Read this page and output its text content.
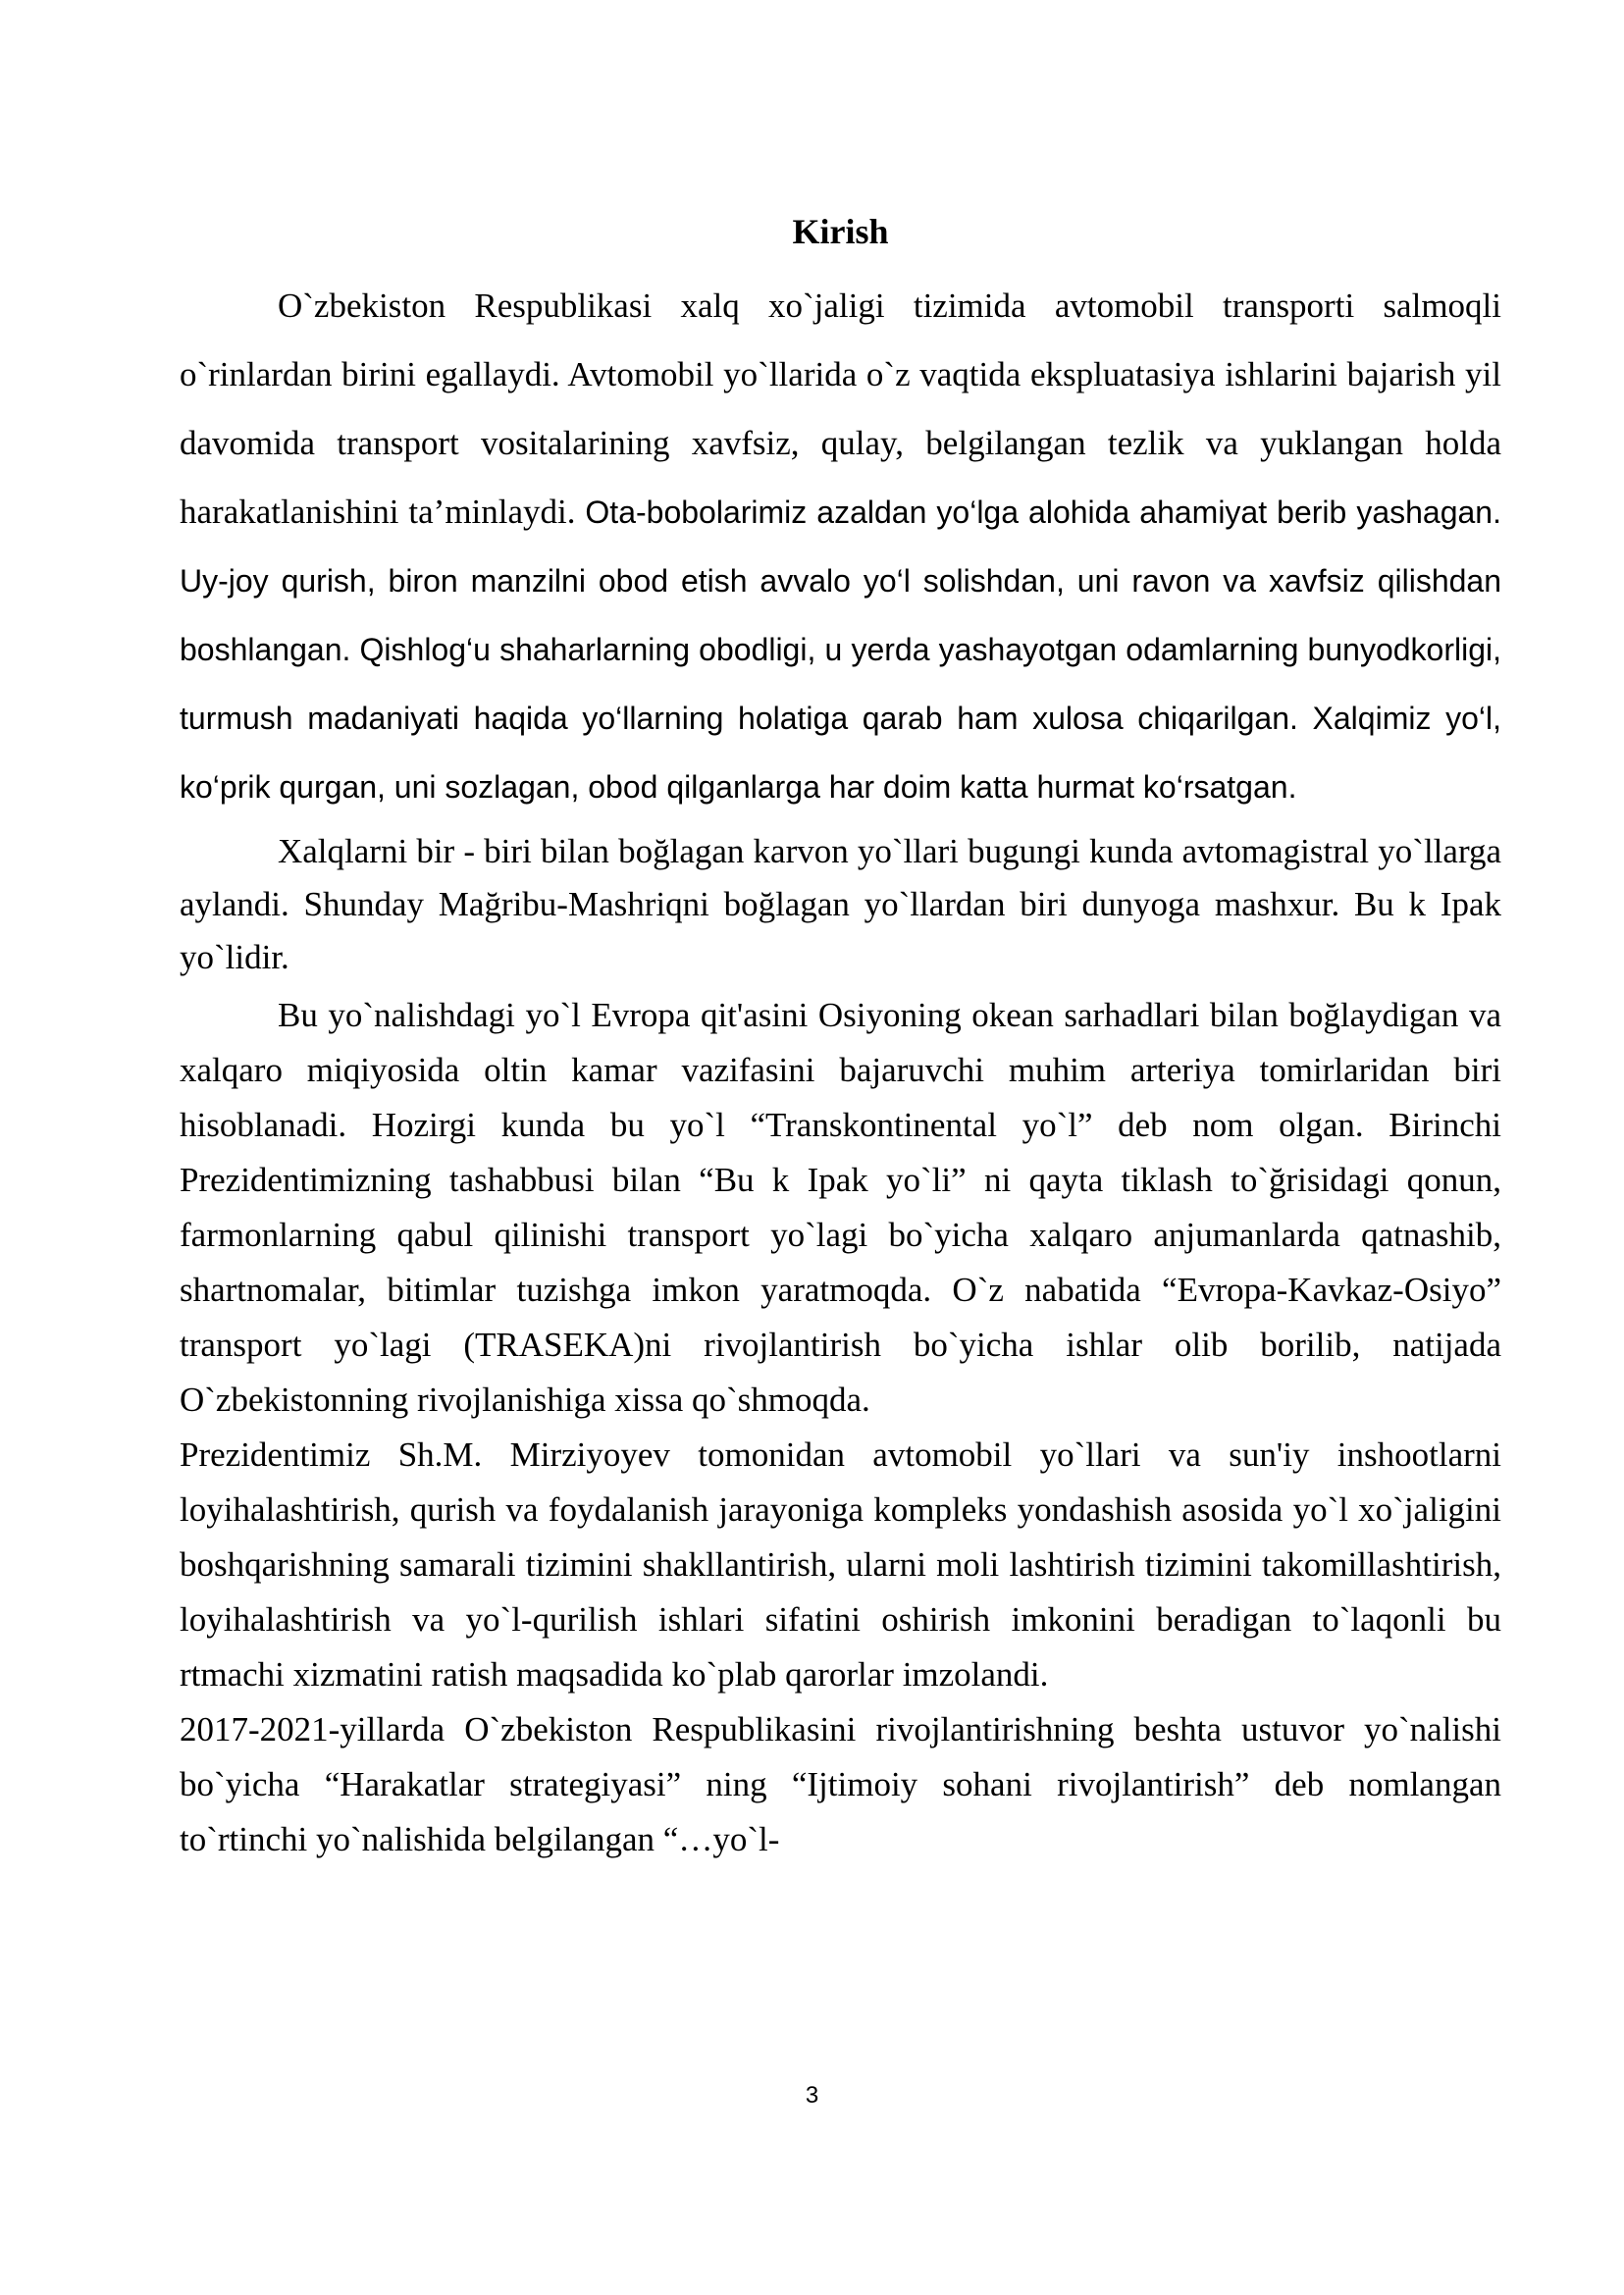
Kirish

O`zbekiston Respublikasi xalq xo`jaligi tizimida avtomobil transporti salmoqli o`rinlardan birini egallaydi. Avtomobil yo`llarida o`z vaqtida ekspluatasiya ishlarini bajarish yil davomida transport vositalarining xavfsiz, qulay, belgilangan tezlik va yuklangan holda harakatlanishini ta’minlaydi. Ota-bobolarimiz azaldan yo‘lga alohida ahamiyat berib yashagan. Uy-joy qurish, biron manzilni obod etish avvalo yo‘l solishdan, uni ravon va xavfsiz qilishdan boshlangan. Qishlog‘u shaharlarning obodligi, u yerda yashayotgan odamlarning bunyodkorligi, turmush madaniyati haqida yo‘llarning holatiga qarab ham xulosa chiqarilgan. Xalqimiz yo‘l, ko‘prik qurgan, uni sozlagan, obod qilganlarga har doim katta hurmat ko‘rsatgan.

Xalqlarni bir - biri bilan boğlagan karvon yo`llari bugungi kunda avtomagistral yo`llarga aylandi. Shunday Mağribu-Mashriqni boğlagan yo`llardan biri dunyoga mashxur. Bu k Ipak yo`lidir.

Bu yo`nalishdagi yo`l Evropa qit'asini Osiyoning okean sarhadlari bilan boğlaydigan va xalqaro miqiyosida oltin kamar vazifasini bajaruvchi muhim arteriya tomirlaridan biri hisoblanadi. Hozirgi kunda bu yo`l “Transkontinental yo`l” deb nom olgan. Birinchi Prezidentimizning tashabbusi bilan “Bu k Ipak yo`li” ni qayta tiklash to`ğrisidagi qonun, farmonlarning qabul qilinishi transport yo`lagi bo`yicha xalqaro anjumanlarda qatnashib, shartnomalar, bitimlar tuzishga imkon yaratmoqda. O`z nabatida “Evropa-Kavkaz-Osiyo” transport yo`lagi (TRASEKA)ni rivojlantirish bo`yicha ishlar olib borilib, natijada O`zbekistonning rivojlanishiga xissa qo`shmoqda.

Prezidentimiz Sh.M. Mirziyoyev tomonidan avtomobil yo`llari va sun'iy inshootlarni loyihalashtirish, qurish va foydalanish jarayoniga kompleks yondashish asosida yo`l xo`jaligini boshqarishning samarali tizimini shakllantirish, ularni moli lashtirish tizimini takomillashtirish, loyihalashtirish va yo`l-qurilish ishlari sifatini oshirish imkonini beradigan to`laqonli bu rtmachi xizmatini ratish maqsadida ko`plab qarorlar imzolandi.

2017-2021-yillarda O`zbekiston Respublikasini rivojlantirishning beshta ustuvor yo`nalishi bo`yicha “Harakatlar strategiyasi” ning “Ijtimoiy sohani rivojlantirish” deb nomlangan to`rtinchi yo`nalishida belgilangan “…yo`l-

3
